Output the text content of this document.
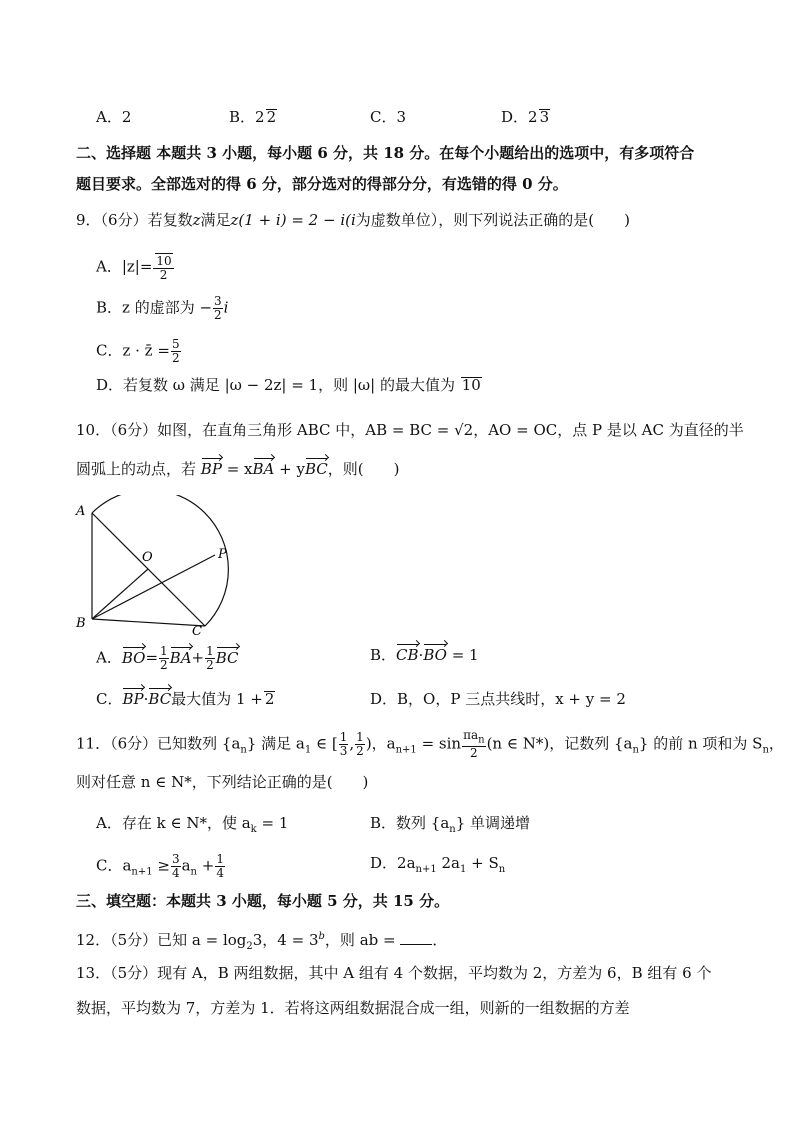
A．2	B．2 2	C．3	D．2 3
二、选择题 本题共 3 小题，每小题 6 分，共 18 分。在每个小题给出的选项中，有多项符合
题目要求。全部选对的得 6 分，部分选对的得部分分，有选错的得 0 分。
9．（6分）若复数z满足z(1 + i) = 2 − i(i为虚数单位），则下列说法正确的是(　　)
A．$|z|= \frac{10}{2}$
B．z 的虚部为 − $\frac{3}{2}$ i
C．z · z̄ = $\frac{5}{2}$
D．若复数 ω 满足 |ω − 2z| = 1，则 |ω| 的最大值为 10
10．（6分）如图，在直角三角形 ABC 中，AB = BC = √2，AO = OC，点 P 是以 AC 为直径的半
圆弧上的动点，若 BP = xBA + yBC，则(　　)
A
B
C
O	P
A．$BO= \frac{1}{2} BA+ \frac{1}{2}$ BC	B．CB·BO = 1
C．BP·BC最大值为 1 + 2	D．B，O，P 三点共线时，x + y = 2
11．（6分）已知数列 $\{a_n\}$ 满足 $a_1$ ∈ [ $\frac{1}{3}$ , $\frac{1}{2}$ )，$a_{n+1} = \sin \frac{\pi a_n}{2} (n$ ∈ N*)，记数列 $\{a_n\}$ 的前 n 项和为 $S_n$，
则对任意 n ∈ N*，下列结论正确的是(　　)
A．存在 k ∈ N*，使 $a_k = 1$	B．数列 $\{a_n\}$ 单调递增
C．$a_{n+1} \ge \frac{3}{4} a_n + \frac{1}{4}$	D．$2a_{n+1}$ $2a_1 + S_n$
三、填空题：本题共 3 小题，每小题 5 分，共 15 分。
12．（5分）已知 $a = \log_23$，$4 = 3^b$，则 ab = ．
13．（5分）现有 A，B 两组数据，其中 A 组有 4 个数据，平均数为 2，方差为 6，B 组有 6 个
数据，平均数为 7，方差为 1．若将这两组数据混合成一组，则新的一组数据的方差
